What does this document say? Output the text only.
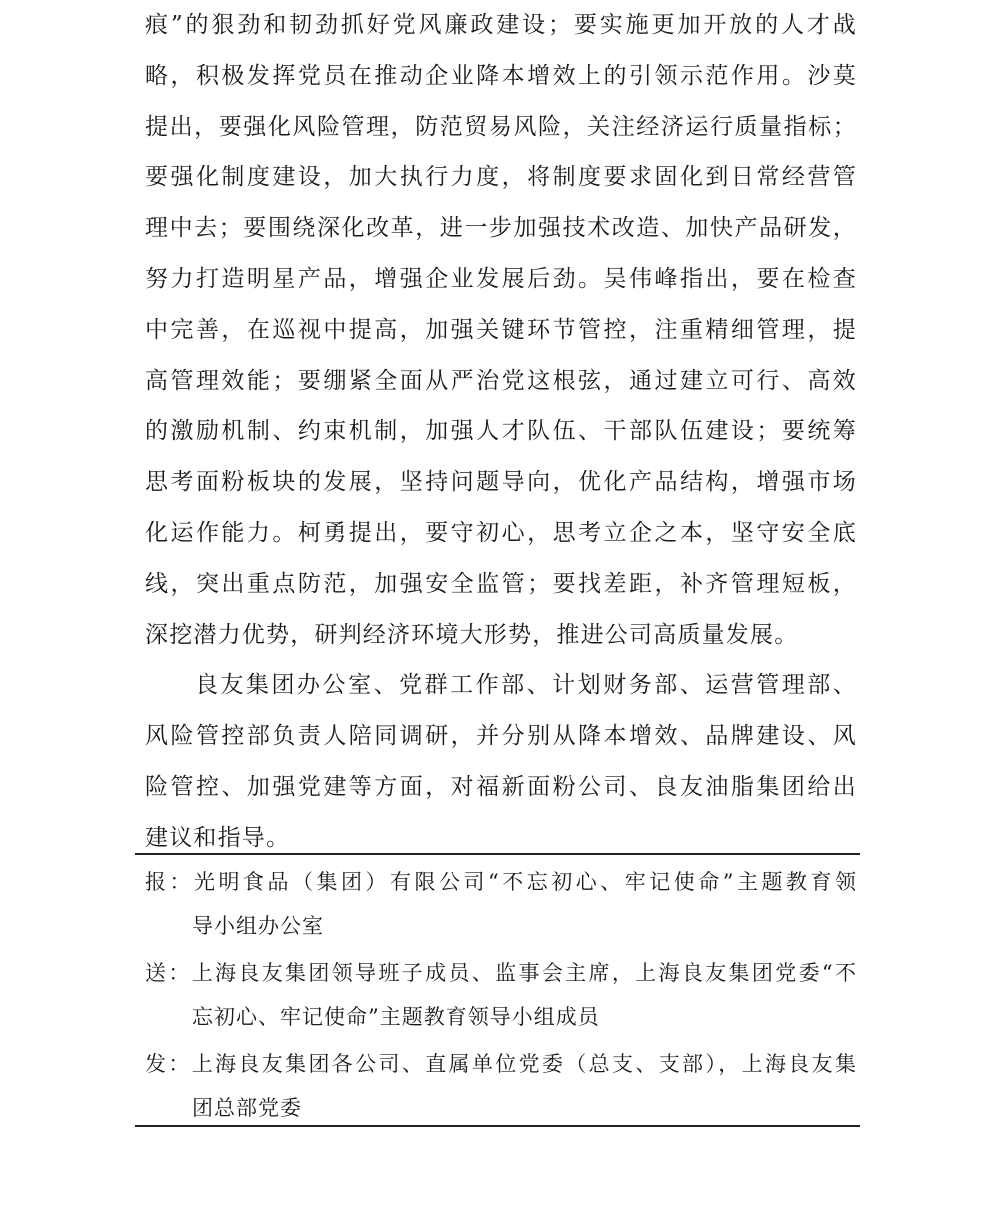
痕”的狠劲和韧劲抓好党风廉政建设；要实施更加开放的人才战
略，积极发挥党员在推动企业降本增效上的引领示范作用。沙莫
提出，要强化风险管理，防范贸易风险，关注经济运行质量指标；
要强化制度建设，加大执行力度，将制度要求固化到日常经营管
理中去；要围绕深化改革，进一步加强技术改造、加快产品研发，
努力打造明星产品，增强企业发展后劲。吴伟峰指出，要在检查
中完善，在巡视中提高，加强关键环节管控，注重精细管理，提
高管理效能；要绷紧全面从严治党这根弦，通过建立可行、高效
的激励机制、约束机制，加强人才队伍、干部队伍建设；要统筹
思考面粉板块的发展，坚持问题导向，优化产品结构，增强市场
化运作能力。柯勇提出，要守初心，思考立企之本，坚守安全底
线，突出重点防范，加强安全监管；要找差距，补齐管理短板，
深挖潜力优势，研判经济环境大形势，推进公司高质量发展。

良友集团办公室、党群工作部、计划财务部、运营管理部、
风险管控部负责人陪同调研，并分别从降本增效、品牌建设、风
险管控、加强党建等方面，对福新面粉公司、良友油脂集团给出
建议和指导。

报：光明食品（集团）有限公司“不忘初心、牢记使命”主题教育领
导小组办公室
送：上海良友集团领导班子成员、监事会主席，上海良友集团党委“不
忘初心、牢记使命”主题教育领导小组成员
发：上海良友集团各公司、直属单位党委（总支、支部），上海良友集
团总部党委
